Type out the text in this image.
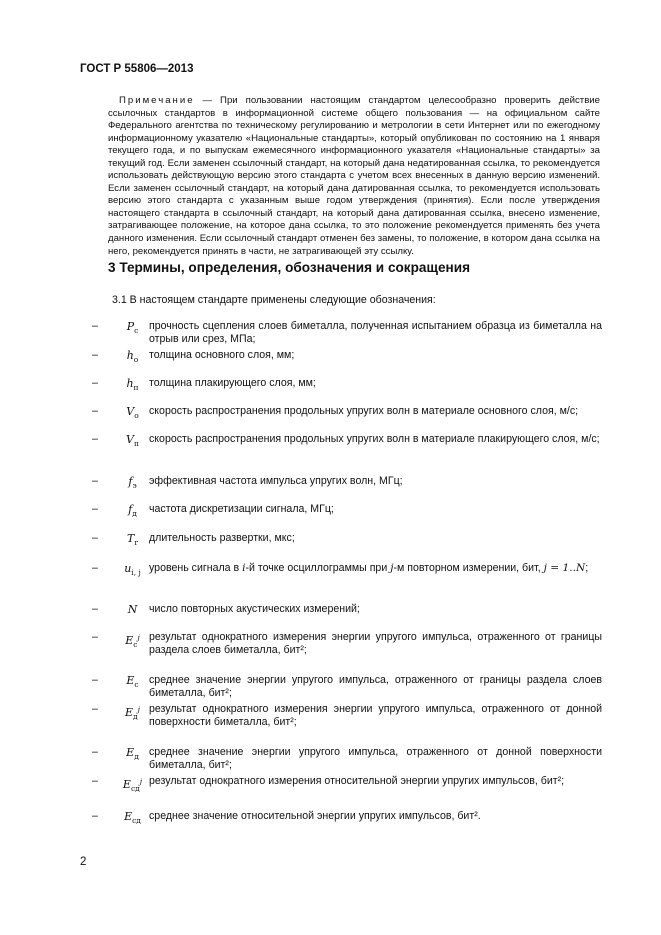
ГОСТ Р 55806—2013
Примечание — При пользовании настоящим стандартом целесообразно проверить действие ссылочных стандартов в информационной системе общего пользования — на официальном сайте Федерального агентства по техническому регулированию и метрологии в сети Интернет или по ежегодному информационному указателю «Национальные стандарты», который опубликован по состоянию на 1 января текущего года, и по выпускам ежемесячного информационного указателя «Национальные стандарты» за текущий год. Если заменен ссылочный стандарт, на который дана недатированная ссылка, то рекомендуется использовать действующую версию этого стандарта с учетом всех внесенных в данную версию изменений. Если заменен ссылочный стандарт, на который дана датированная ссылка, то рекомендуется использовать версию этого стандарта с указанным выше годом утверждения (принятия). Если после утверждения настоящего стандарта в ссылочный стандарт, на который дана датированная ссылка, внесено изменение, затрагивающее положение, на которое дана ссылка, то это положение рекомендуется применять без учета данного изменения. Если ссылочный стандарт отменен без замены, то положение, в котором дана ссылка на него, рекомендуется принять в части, не затрагивающей эту ссылку.
3 Термины, определения, обозначения и сокращения
3.1 В настоящем стандарте применены следующие обозначения:
–	$P_c$	прочность сцепления слоев биметалла, полученная испытанием образца из биметалла на отрыв или срез, МПа;
–	$h_о$	толщина основного слоя, мм;
–	$h_п$ толщина плакирующего слоя, мм;
–	$V_о$ скорость распространения продольных упругих волн в материале основного слоя, м/с;
–	$V_п$ скорость распространения продольных упругих волн в материале плакирующего слоя, м/с;
–	$f_э$	эффективная частота импульса упругих волн, МГц;
–	$f_д$	частота дискретизации сигнала, МГц;
–	$T_r$	длительность развертки, мкс;
–	$u_{i, j}$ уровень сигнала в i-й точке осциллограммы при j-м повторном измерении, бит, j = 1..N;
–	N	число повторных акустических измерений;
–	$E_c^j$ результат однократного измерения энергии упругого импульса, отраженного от границы раздела слоев биметалла, бит²;
–	$E_c$ среднее значение энергии упругого импульса, отраженного от границы раздела слоев биметалла, бит²;
–	$E_д^j$ результат однократного измерения энергии упругого импульса, отраженного от донной поверхности биметалла, бит²;
–	$E_д$ среднее значение энергии упругого импульса, отраженного от донной поверхности биметалла, бит²;
–	$E_{сд}^j$ результат однократного измерения относительной энергии упругих импульсов, бит²;
–	$E_{сд}$ среднее значение относительной энергии упругих импульсов, бит².
2
